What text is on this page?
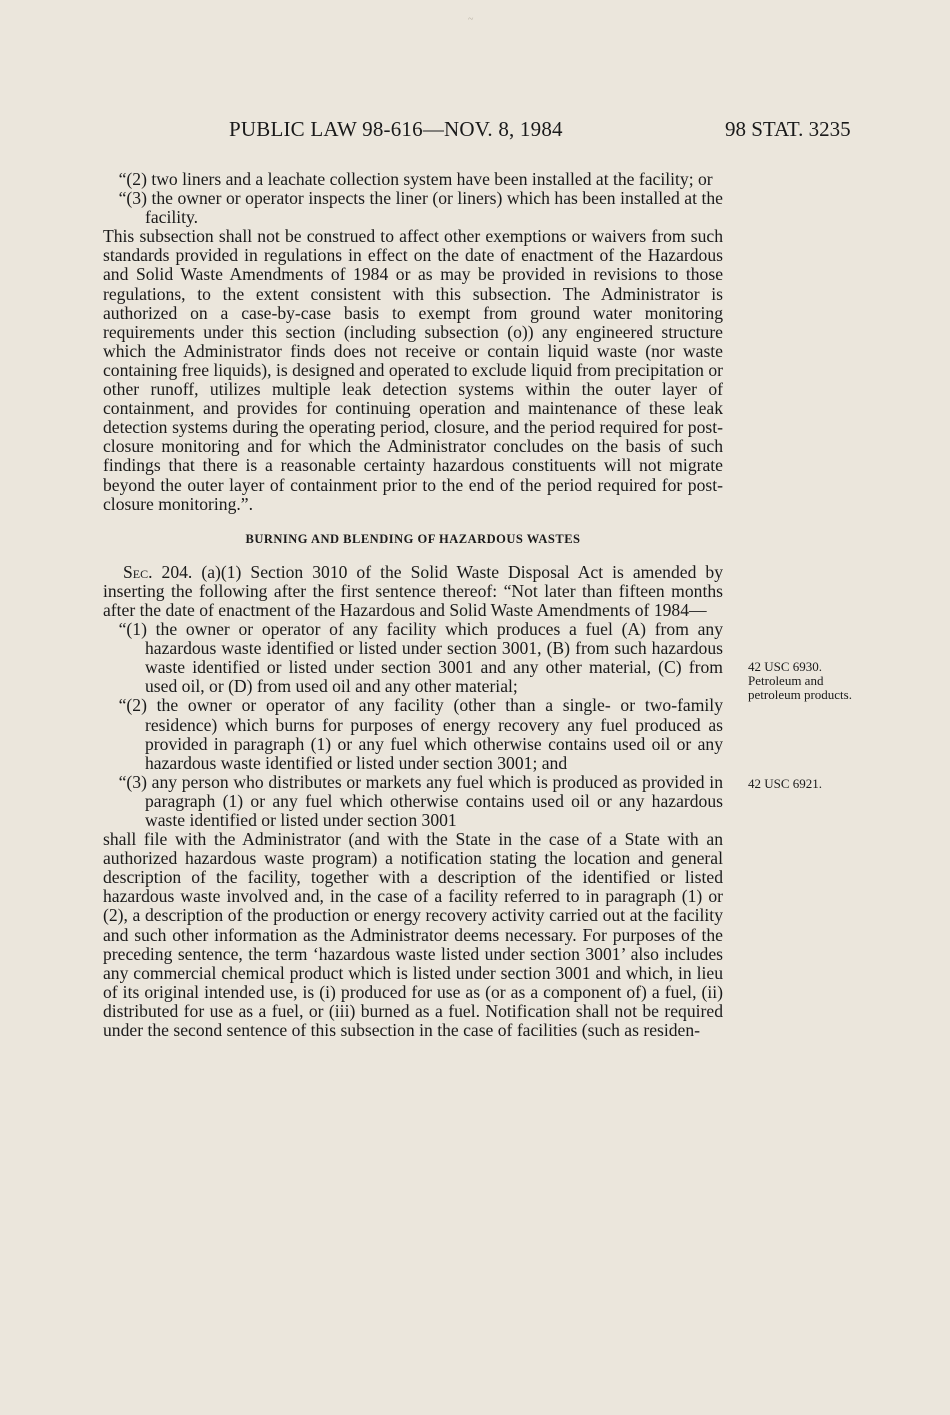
~
PUBLIC LAW 98-616—NOV. 8, 1984	98 STAT. 3235

“(2) two liners and a leachate collection system have been installed at the facility; or

“(3) the owner or operator inspects the liner (or liners) which has been installed at the facility.

This subsection shall not be construed to affect other exemptions or waivers from such standards provided in regulations in effect on the date of enactment of the Hazardous and Solid Waste Amendments of 1984 or as may be provided in revisions to those regulations, to the extent consistent with this subsection. The Administrator is authorized on a case-by-case basis to exempt from ground water monitoring requirements under this section (including subsection (o)) any engineered structure which the Administrator finds does not receive or contain liquid waste (nor waste containing free liquids), is designed and operated to exclude liquid from precipitation or other runoff, utilizes multiple leak detection systems within the outer layer of containment, and provides for continuing operation and maintenance of these leak detection systems during the operating period, closure, and the period required for post-closure monitoring and for which the Administrator concludes on the basis of such findings that there is a reasonable certainty hazardous constituents will not migrate beyond the outer layer of containment prior to the end of the period required for post-closure monitoring.”.

BURNING AND BLENDING OF HAZARDOUS WASTES

Sec. 204. (a)(1) Section 3010 of the Solid Waste Disposal Act is amended by inserting the following after the first sentence thereof: “Not later than fifteen months after the date of enactment of the Hazardous and Solid Waste Amendments of 1984—

“(1) the owner or operator of any facility which produces a fuel (A) from any hazardous waste identified or listed under section 3001, (B) from such hazardous waste identified or listed under section 3001 and any other material, (C) from used oil, or (D) from used oil and any other material;

“(2) the owner or operator of any facility (other than a single- or two-family residence) which burns for purposes of energy recovery any fuel produced as provided in paragraph (1) or any fuel which otherwise contains used oil or any hazardous waste identified or listed under section 3001; and

“(3) any person who distributes or markets any fuel which is produced as provided in paragraph (1) or any fuel which otherwise contains used oil or any hazardous waste identified or listed under section 3001

shall file with the Administrator (and with the State in the case of a State with an authorized hazardous waste program) a notification stating the location and general description of the facility, together with a description of the identified or listed hazardous waste involved and, in the case of a facility referred to in paragraph (1) or (2), a description of the production or energy recovery activity carried out at the facility and such other information as the Administrator deems necessary. For purposes of the preceding sentence, the term ‘hazardous waste listed under section 3001’ also includes any commercial chemical product which is listed under section 3001 and which, in lieu of its original intended use, is (i) produced for use as (or as a component of) a fuel, (ii) distributed for use as a fuel, or (iii) burned as a fuel. Notification shall not be required under the second sentence of this subsection in the case of facilities (such as residen-

42 USC 6930.
Petroleum and petroleum products.
42 USC 6921.
